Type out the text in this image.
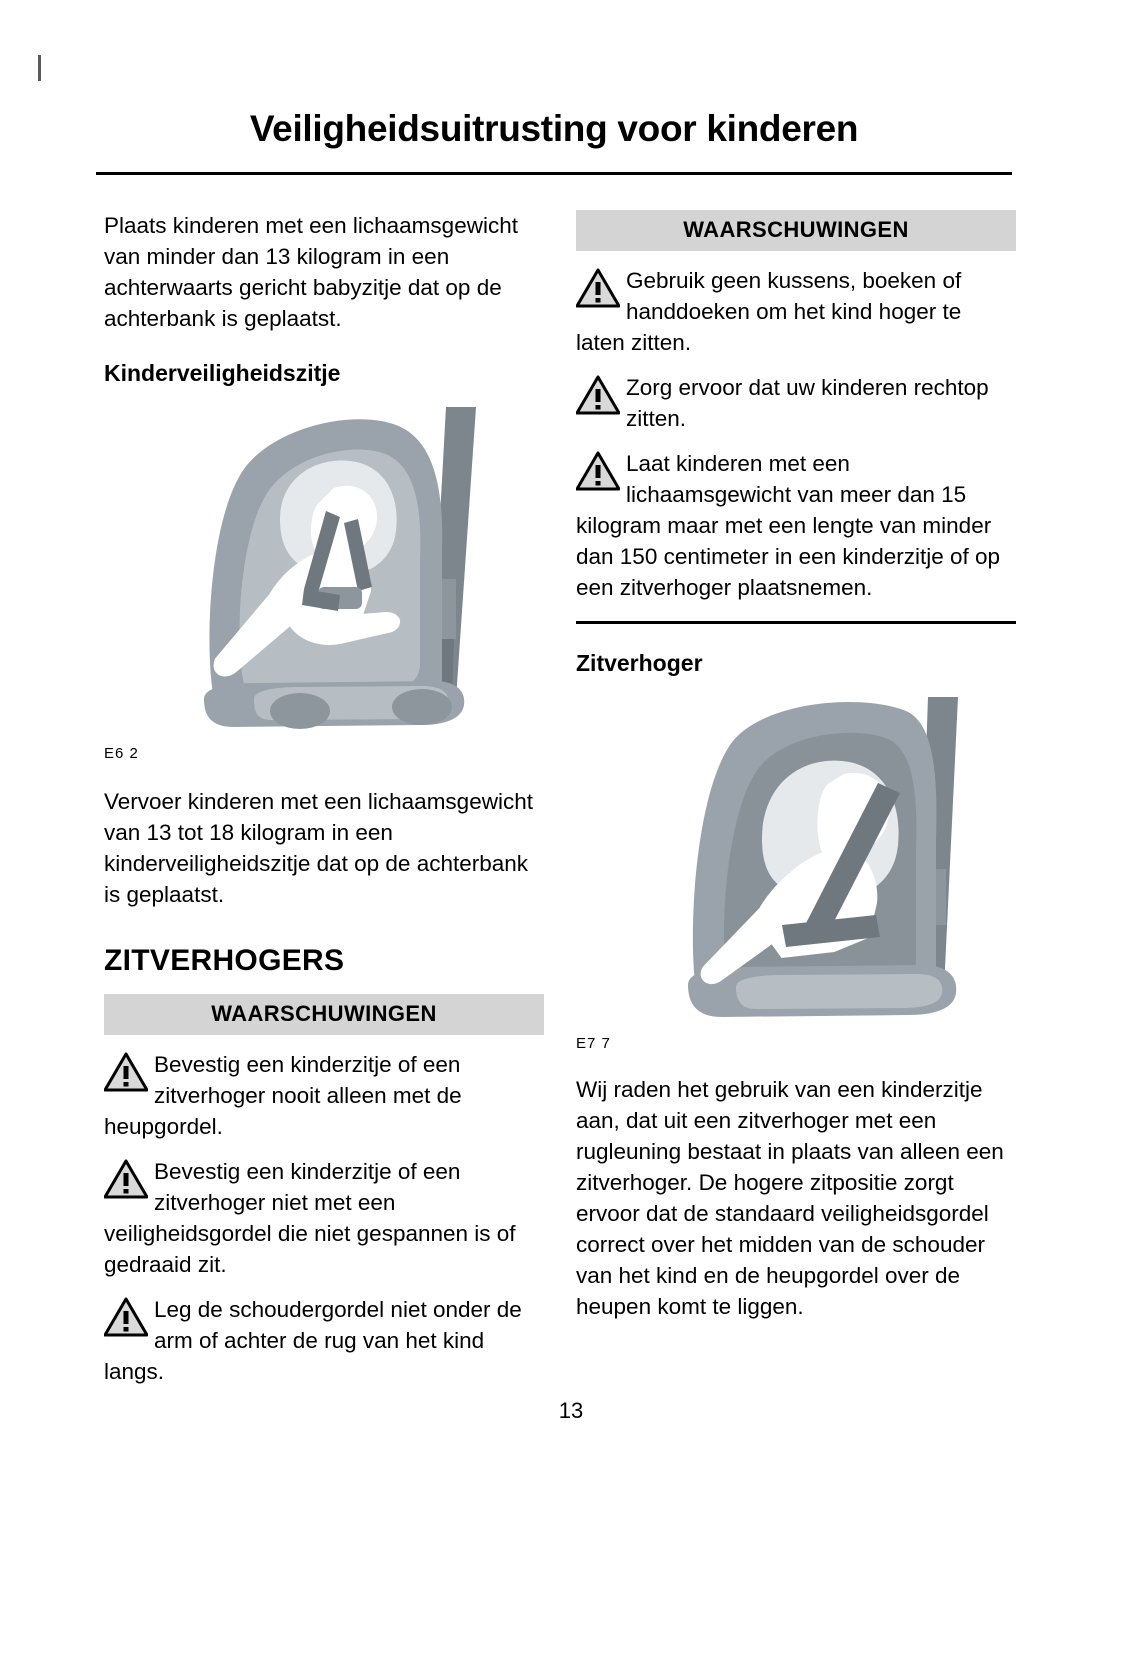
Veiligheidsuitrusting voor kinderen

Plaats kinderen met een lichaamsgewicht van minder dan 13 kilogram in een achterwaarts gericht babyzitje dat op de achterbank is geplaatst.

Kinderveiligheidszitje
E6 2

Vervoer kinderen met een lichaamsgewicht van 13 tot 18 kilogram in een kinderveiligheidszitje dat op de achterbank is geplaatst.

ZITVERHOGERS
WAARSCHUWINGEN
Bevestig een kinderzitje of een zitverhoger nooit alleen met de heupgordel.
Bevestig een kinderzitje of een zitverhoger niet met een veiligheidsgordel die niet gespannen is of gedraaid zit.
Leg de schoudergordel niet onder de arm of achter de rug van het kind langs.
WAARSCHUWINGEN
Gebruik geen kussens, boeken of handdoeken om het kind hoger te laten zitten.
Zorg ervoor dat uw kinderen rechtop zitten.
Laat kinderen met een lichaamsgewicht van meer dan 15 kilogram maar met een lengte van minder dan 150 centimeter in een kinderzitje of op een zitverhoger plaatsnemen.
Zitverhoger
E7 7

Wij raden het gebruik van een kinderzitje aan, dat uit een zitverhoger met een rugleuning bestaat in plaats van alleen een zitverhoger. De hogere zitpositie zorgt ervoor dat de standaard veiligheidsgordel correct over het midden van de schouder van het kind en de heupgordel over de heupen komt te liggen.

13
